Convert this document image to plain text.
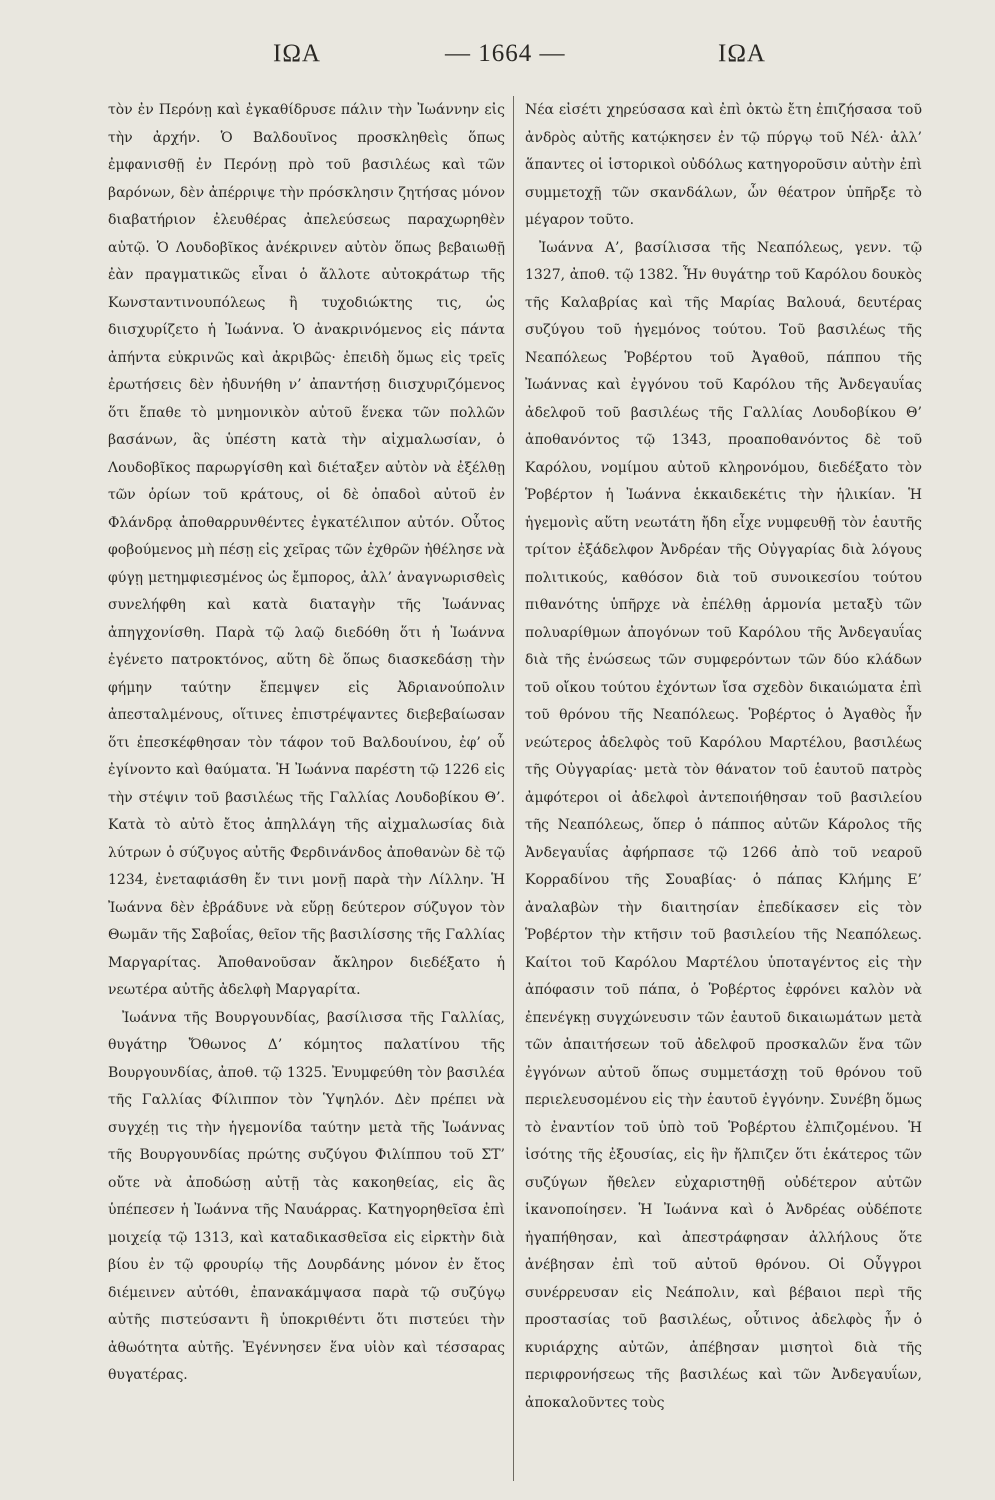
ΙΩΑ	— 1664 —	ΙΩΑ

τὸν ἐν Περόνῃ καὶ ἐγκαθίδρυσε πάλιν τὴν Ἰωάννην εἰς τὴν ἀρχήν. Ὁ Βαλδουῖνος προσκληθεὶς ὅπως ἐμφανισθῇ ἐν Περόνῃ πρὸ τοῦ βασιλέως καὶ τῶν βαρόνων, δὲν ἀπέρριψε τὴν πρόσκλησιν ζητήσας μόνον διαβατήριον ἐλευθέρας ἀπελεύσεως παραχωρηθὲν αὐτῷ. Ὁ Λουδοβῖκος ἀνέκρινεν αὐτὸν ὅπως βεβαιωθῇ ἐὰν πραγματικῶς εἶναι ὁ ἄλλοτε αὐτοκράτωρ τῆς Κωνσταντινουπόλεως ἢ τυχοδιώκτης τις, ὡς διισχυρίζετο ἡ Ἰωάννα. Ὁ ἀνακρινόμενος εἰς πάντα ἀπήντα εὐκρινῶς καὶ ἀκριβῶς· ἐπειδὴ ὅμως εἰς τρεῖς ἐρωτήσεις δὲν ἠδυνήθη ν’ ἀπαντήσῃ διισχυριζόμενος ὅτι ἔπαθε τὸ μνημονικὸν αὐτοῦ ἕνεκα τῶν πολλῶν βασάνων, ἃς ὑπέστη κατὰ τὴν αἰχμαλωσίαν, ὁ Λουδοβῖκος παρωργίσθη καὶ διέταξεν αὐτὸν νὰ ἐξέλθῃ τῶν ὁρίων τοῦ κράτους, οἱ δὲ ὀπαδοὶ αὐτοῦ ἐν Φλάνδρᾳ ἀποθαρρυνθέντες ἐγκατέλιπον αὐτόν. Οὗτος φοβούμενος μὴ πέσῃ εἰς χεῖρας τῶν ἐχθρῶν ἠθέλησε νὰ φύγῃ μετημφιεσμένος ὡς ἔμπορος, ἀλλ’ ἀναγνωρισθεὶς συνελήφθη καὶ κατὰ διαταγὴν τῆς Ἰωάννας ἀπηγχονίσθη. Παρὰ τῷ λαῷ διεδόθη ὅτι ἡ Ἰωάννα ἐγένετο πατροκτόνος, αὕτη δὲ ὅπως διασκεδάσῃ τὴν φήμην ταύτην ἔπεμψεν εἰς Ἀδριανούπολιν ἀπεσταλμένους, οἵτινες ἐπιστρέψαντες διεβεβαίωσαν ὅτι ἐπεσκέφθησαν τὸν τάφον τοῦ Βαλδουίνου, ἐφ’ οὗ ἐγίνοντο καὶ θαύματα. Ἡ Ἰωάννα παρέστη τῷ 1226 εἰς τὴν στέψιν τοῦ βασιλέως τῆς Γαλλίας Λουδοβίκου Θ’. Κατὰ τὸ αὐτὸ ἔτος ἀπηλλάγη τῆς αἰχμαλωσίας διὰ λύτρων ὁ σύζυγος αὐτῆς Φερδινάνδος ἀποθανὼν δὲ τῷ 1234, ἐνεταφιάσθη ἔν τινι μονῇ παρὰ τὴν Λίλλην. Ἡ Ἰωάννα δὲν ἐβράδυνε νὰ εὕρῃ δεύτερον σύζυγον τὸν Θωμᾶν τῆς Σαβοΐας, θεῖον τῆς βασιλίσσης τῆς Γαλλίας Μαργαρίτας. Ἀποθανοῦσαν ἄκληρον διεδέξατο ἡ νεωτέρα αὐτῆς ἀδελφὴ Μαργαρίτα.

Ἰωάννα τῆς Βουργουνδίας, βασίλισσα τῆς Γαλλίας, θυγάτηρ Ὄθωνος Δ’ κόμητος παλατίνου τῆς Βουργουνδίας, ἀποθ. τῷ 1325. Ἐνυμφεύθη τὸν βασιλέα τῆς Γαλλίας Φίλιππον τὸν Ὑψηλόν. Δὲν πρέπει νὰ συγχέῃ τις τὴν ἡγεμονίδα ταύτην μετὰ τῆς Ἰωάννας τῆς Βουργουνδίας πρώτης συζύγου Φιλίππου τοῦ ΣΤ’ οὔτε νὰ ἀποδώσῃ αὐτῇ τὰς κακοηθείας, εἰς ἃς ὑπέπεσεν ἡ Ἰωάννα τῆς Ναυάρρας. Κατηγορηθεῖσα ἐπὶ μοιχείᾳ τῷ 1313, καὶ καταδικασθεῖσα εἰς εἱρκτὴν διὰ βίου ἐν τῷ φρουρίῳ τῆς Δουρδάνης μόνον ἐν ἔτος διέμεινεν αὐτόθι, ἐπανακάμψασα παρὰ τῷ συζύγῳ αὐτῆς πιστεύσαντι ἢ ὑποκριθέντι ὅτι πιστεύει τὴν ἀθωότητα αὐτῆς. Ἐγέννησεν ἕνα υἱὸν καὶ τέσσαρας θυγατέρας.

Νέα εἰσέτι χηρεύσασα καὶ ἐπὶ ὀκτὼ ἔτη ἐπιζήσασα τοῦ ἀνδρὸς αὐτῆς κατῴκησεν ἐν τῷ πύργῳ τοῦ Νέλ· ἀλλ’ ἅπαντες οἱ ἱστορικοὶ οὐδόλως κατηγοροῦσιν αὐτὴν ἐπὶ συμμετοχῇ τῶν σκανδάλων, ὧν θέατρον ὑπῆρξε τὸ μέγαρον τοῦτο.

Ἰωάννα Α’, βασίλισσα τῆς Νεαπόλεως, γενν. τῷ 1327, ἀποθ. τῷ 1382. Ἦν θυγάτηρ τοῦ Καρόλου δουκὸς τῆς Καλαβρίας καὶ τῆς Μαρίας Βαλουά, δευτέρας συζύγου τοῦ ἡγεμόνος τούτου. Τοῦ βασιλέως τῆς Νεαπόλεως Ῥοβέρτου τοῦ Ἀγαθοῦ, πάππου τῆς Ἰωάννας καὶ ἐγγόνου τοῦ Καρόλου τῆς Ἀνδεγαυΐας ἀδελφοῦ τοῦ βασιλέως τῆς Γαλλίας Λουδοβίκου Θ’ ἀποθανόντος τῷ 1343, προαποθανόντος δὲ τοῦ Καρόλου, νομίμου αὐτοῦ κληρονόμου, διεδέξατο τὸν Ῥοβέρτον ἡ Ἰωάννα ἑκκαιδεκέτις τὴν ἡλικίαν. Ἡ ἡγεμονὶς αὕτη νεωτάτη ἤδη εἶχε νυμφευθῇ τὸν ἑαυτῆς τρίτον ἐξάδελφον Ἀνδρέαν τῆς Οὐγγαρίας διὰ λόγους πολιτικούς, καθόσον διὰ τοῦ συνοικεσίου τούτου πιθανότης ὑπῆρχε νὰ ἐπέλθῃ ἁρμονία μεταξὺ τῶν πολυαρίθμων ἀπογόνων τοῦ Καρόλου τῆς Ἀνδεγαυΐας διὰ τῆς ἑνώσεως τῶν συμφερόντων τῶν δύο κλάδων τοῦ οἴκου τούτου ἐχόντων ἴσα σχεδὸν δικαιώματα ἐπὶ τοῦ θρόνου τῆς Νεαπόλεως. Ῥοβέρτος ὁ Ἀγαθὸς ἦν νεώτερος ἀδελφὸς τοῦ Καρόλου Μαρτέλου, βασιλέως τῆς Οὐγγαρίας· μετὰ τὸν θάνατον τοῦ ἑαυτοῦ πατρὸς ἀμφότεροι οἱ ἀδελφοὶ ἀντεποιήθησαν τοῦ βασιλείου τῆς Νεαπόλεως, ὅπερ ὁ πάππος αὐτῶν Κάρολος τῆς Ἀνδεγαυΐας ἀφήρπασε τῷ 1266 ἀπὸ τοῦ νεαροῦ Κορραδίνου τῆς Σουαβίας· ὁ πάπας Κλήμης Ε’ ἀναλαβὼν τὴν διαιτησίαν ἐπεδίκασεν εἰς τὸν Ῥοβέρτον τὴν κτῆσιν τοῦ βασιλείου τῆς Νεαπόλεως. Καίτοι τοῦ Καρόλου Μαρτέλου ὑποταγέντος εἰς τὴν ἀπόφασιν τοῦ πάπα, ὁ Ῥοβέρτος ἐφρόνει καλὸν νὰ ἐπενέγκῃ συγχώνευσιν τῶν ἑαυτοῦ δικαιωμάτων μετὰ τῶν ἀπαιτήσεων τοῦ ἀδελφοῦ προσκαλῶν ἕνα τῶν ἐγγόνων αὐτοῦ ὅπως συμμετάσχῃ τοῦ θρόνου τοῦ περιελευσομένου εἰς τὴν ἑαυτοῦ ἐγγόνην. Συνέβη ὅμως τὸ ἐναντίον τοῦ ὑπὸ τοῦ Ῥοβέρτου ἐλπιζομένου. Ἡ ἰσότης τῆς ἐξουσίας, εἰς ἣν ἤλπιζεν ὅτι ἑκάτερος τῶν συζύγων ἤθελεν εὐχαριστηθῇ οὐδέτερον αὐτῶν ἱκανοποίησεν. Ἡ Ἰωάννα καὶ ὁ Ἀνδρέας οὐδέποτε ἠγαπήθησαν, καὶ ἀπεστράφησαν ἀλλήλους ὅτε ἀνέβησαν ἐπὶ τοῦ αὐτοῦ θρόνου. Οἱ Οὖγγροι συνέρρευσαν εἰς Νεάπολιν, καὶ βέβαιοι περὶ τῆς προστασίας τοῦ βασιλέως, οὗτινος ἀδελφὸς ἦν ὁ κυριάρχης αὐτῶν, ἀπέβησαν μισητοὶ διὰ τῆς περιφρονήσεως τῆς βασιλέως καὶ τῶν Ἀνδεγαυΐων, ἀποκαλοῦντες τοὺς
